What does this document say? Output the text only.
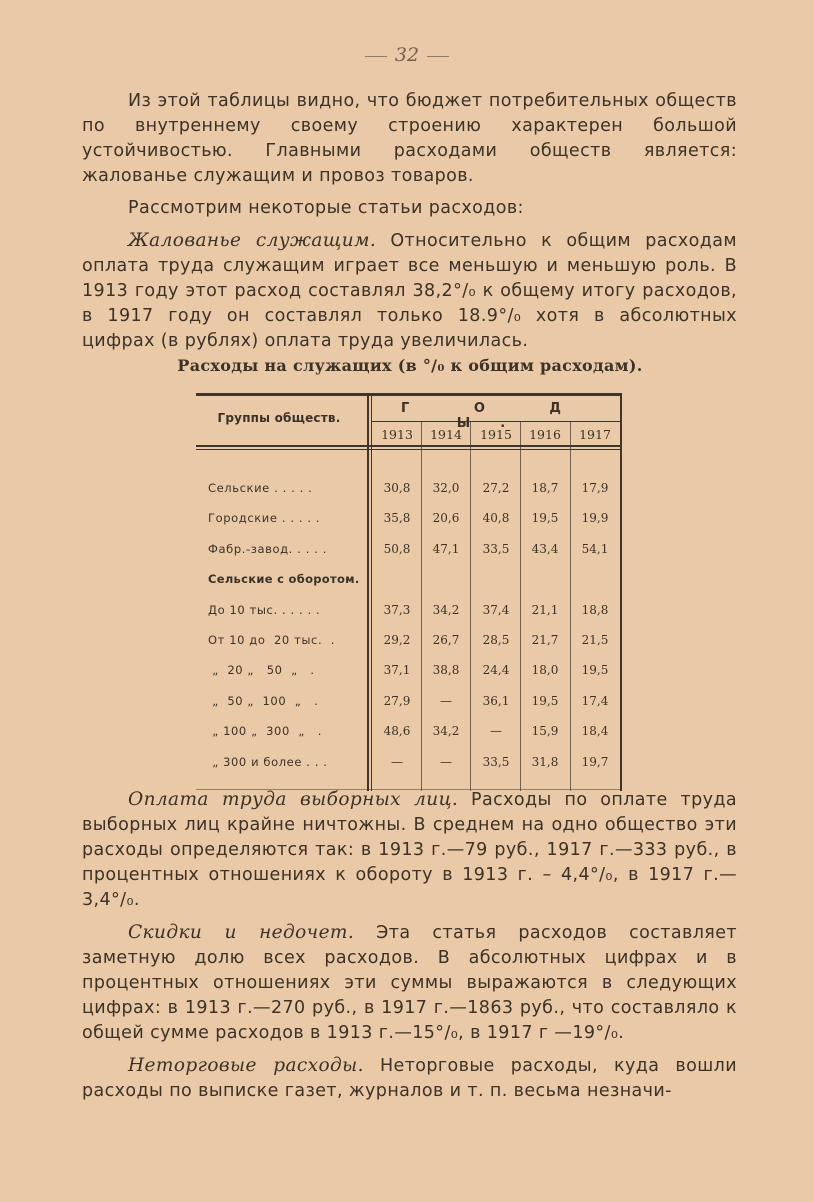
32

Из этой таблицы видно, что бюджет потребительных обществ по внутреннему своему строению характерен большой устойчивостью. Главными расходами обществ является: жалованье служащим и провоз товаров.

Рассмотрим некоторые статьи расходов:

Жалованье служащим. Относительно к общим расходам оплата труда служащим играет все меньшую и меньшую роль. В 1913 году этот расход составлял 38,2°/₀ к общему итогу расходов, в 1917 году он составлял только 18.9°/₀ хотя в абсолютных цифрах (в рублях) оплата труда увеличилась.

Расходы на служащих (в °/₀ к общим расходам).
Группы обществ.
Г О Д Ы.
1913	1914	1915	1916	1917
Сельские . . . . .	30,8	32,0	27,2	18,7	17,9
Городские . . . . .	35,8	20,6	40,8	19,5	19,9
Фабр.-завод. . . . .	50,8	47,1	33,5	43,4	54,1
Сельские с оборотом.
До 10 тыс. . . . . .	37,3	34,2	37,4	21,1	18,8
От 10 до  20 тыс.  .	29,2	26,7	28,5	21,7	21,5
„  20 „   50  „   .	37,1	38,8	24,4	18,0	19,5
„  50 „  100  „   .	27,9	—	36,1	19,5	17,4
„ 100 „  300  „   .	48,6	34,2	—	15,9	18,4
„ 300 и более . . .	—	—	33,5	31,8	19,7

Оплата труда выборных лиц. Расходы по оплате труда выборных лиц крайне ничтожны. В среднем на одно общество эти расходы определяются так: в 1913 г.—79 руб., 1917 г.—333 руб., в процентных отношениях к обороту в 1913 г. – 4,4°/₀, в 1917 г.—3,4°/₀.

Скидки и недочет. Эта статья расходов составляет заметную долю всех расходов. В абсолютных цифрах и в процентных отношениях эти суммы выражаются в следующих цифрах: в 1913 г.—270 руб., в 1917 г.—1863 руб., что составляло к общей сумме расходов в 1913 г.—15°/₀, в 1917 г —19°/₀.

Неторговые расходы. Неторговые расходы, куда вошли расходы по выписке газет, журналов и т. п. весьма незначи-
